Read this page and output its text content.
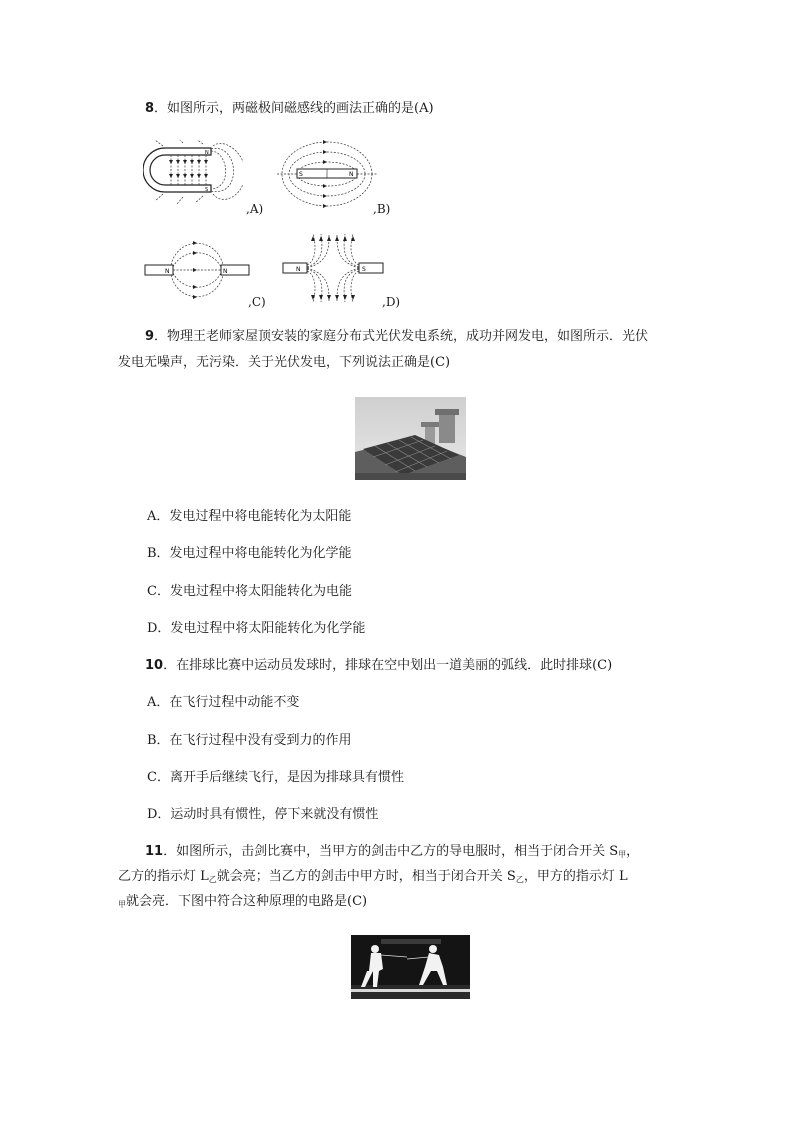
8．如图所示，两磁极间磁感线的画法正确的是(A)
N
S
,A)
S	N
,B)
N	N
,C)
N	S
,D)
9．物理王老师家屋顶安装的家庭分布式光伏发电系统，成功并网发电，如图所示．光伏
发电无噪声，无污染．关于光伏发电，下列说法正确是(C)
A．发电过程中将电能转化为太阳能
B．发电过程中将电能转化为化学能
C．发电过程中将太阳能转化为电能
D．发电过程中将太阳能转化为化学能
10．在排球比赛中运动员发球时，排球在空中划出一道美丽的弧线．此时排球(C)
A．在飞行过程中动能不变
B．在飞行过程中没有受到力的作用
C．离开手后继续飞行，是因为排球具有惯性
D．运动时具有惯性，停下来就没有惯性
11．如图所示，击剑比赛中，当甲方的剑击中乙方的导电服时，相当于闭合开关 $S_甲$，
乙方的指示灯 $L_乙$就会亮；当乙方的剑击中甲方时，相当于闭合开关 $S_乙$，甲方的指示灯 L
$_甲$就会亮．下图中符合这种原理的电路是(C)
